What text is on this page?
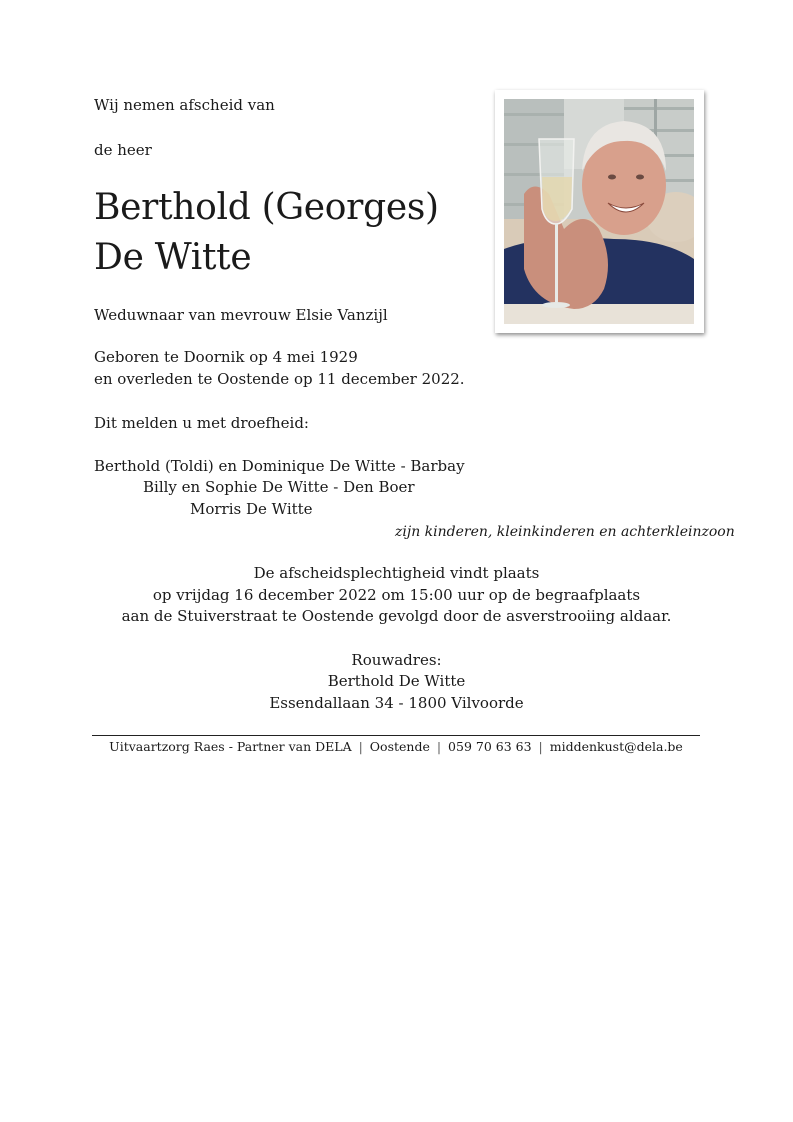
Wij nemen afscheid van
de heer
Berthold (Georges)
De Witte
Weduwnaar van mevrouw Elsie Vanzijl
Geboren te Doornik op 4 mei 1929
en overleden te Oostende op 11 december 2022.
Dit melden u met droefheid:
Berthold (Toldi) en Dominique De Witte - Barbay
Billy en Sophie De Witte - Den Boer
Morris De Witte
zijn kinderen, kleinkinderen en achterkleinzoon
De afscheidsplechtigheid vindt plaats
op vrijdag 16 december 2022 om 15:00 uur op de begraafplaats
aan de Stuiverstraat te Oostende gevolgd door de asverstrooiing aldaar.
Rouwadres:
Berthold De Witte
Essendallaan 34 - 1800 Vilvoorde
Uitvaartzorg Raes - Partner van DELA | Oostende | 059 70 63 63 | middenkust@dela.be
